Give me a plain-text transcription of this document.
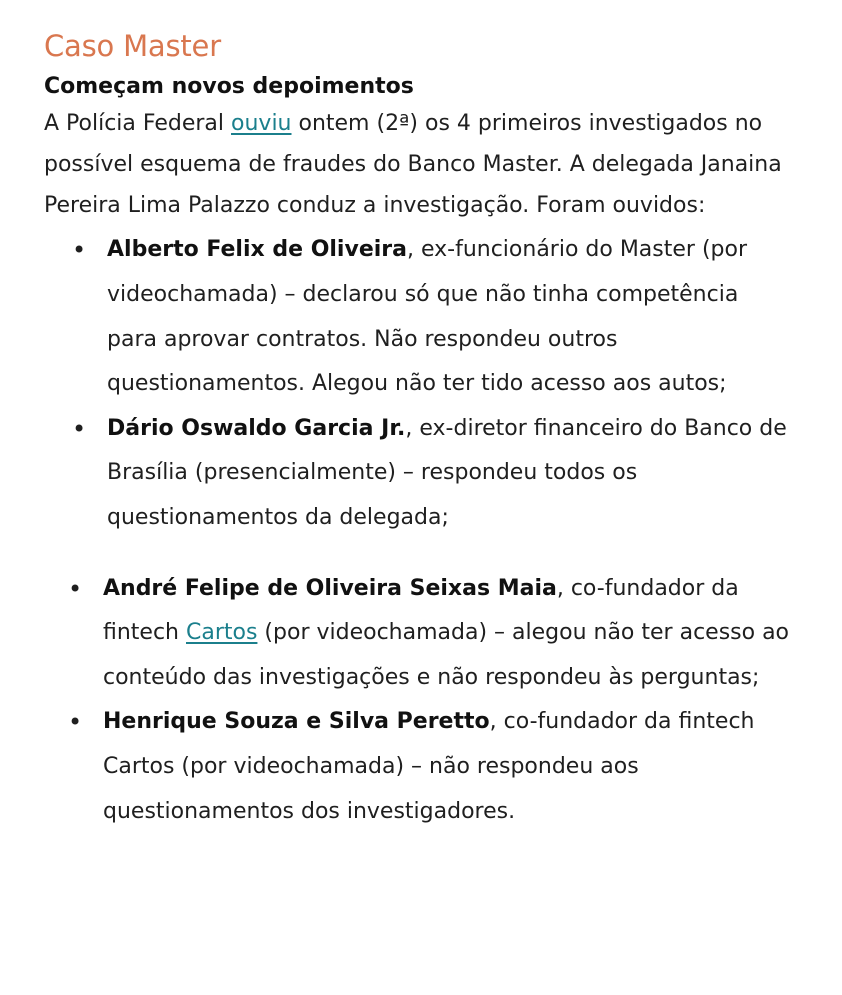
Caso Master
Começam novos depoimentos

A Polícia Federal ouviu ontem (2ª) os 4 primeiros investigados no possível esquema de fraudes do Banco Master. A delegada Janaina Pereira Lima Palazzo conduz a investigação. Foram ouvidos:

• Alberto Felix de Oliveira, ex-funcionário do Master (por videochamada) – declarou só que não tinha competência para aprovar contratos. Não respondeu outros questionamentos. Alegou não ter tido acesso aos autos;
• Dário Oswaldo Garcia Jr., ex-diretor financeiro do Banco de Brasília (presencialmente) – respondeu todos os questionamentos da delegada;
• André Felipe de Oliveira Seixas Maia, co-fundador da fintech Cartos (por videochamada) – alegou não ter acesso ao conteúdo das investigações e não respondeu às perguntas;
• Henrique Souza e Silva Peretto, co-fundador da fintech Cartos (por videochamada) – não respondeu aos questionamentos dos investigadores.
